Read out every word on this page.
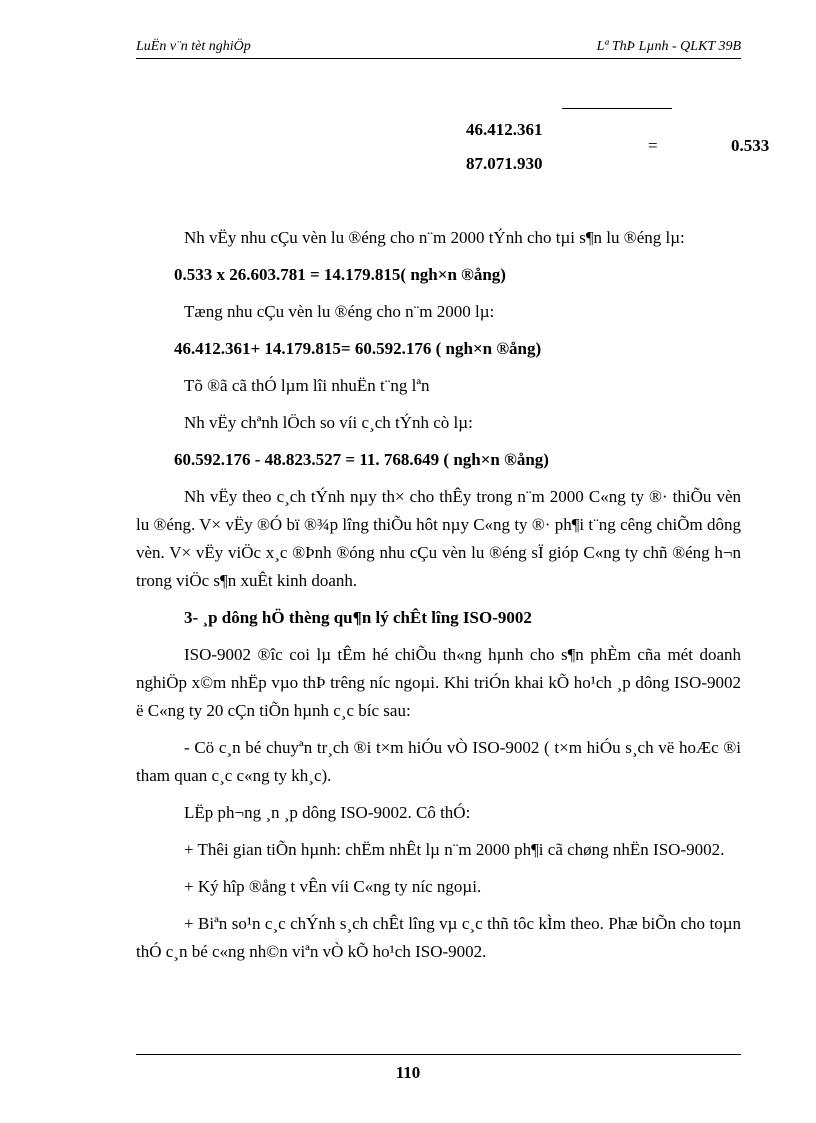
LuËn v¨n tèt nghiÖp	Lª ThÞ Lµnh - QLKT 39B
46.412.361
87.071.930
=	0.533

Nh vËy nhu cÇu vèn lu ®éng cho n¨m 2000 tÝnh cho tµi s¶n lu ®éng lµ:

0.533 x 26.603.781 = 14.179.815( ngh×n ®ång)

Tæng nhu cÇu vèn lu ®éng cho n¨m 2000 lµ:

46.412.361+ 14.179.815= 60.592.176 ( ngh×n ®ång)

Tõ ®ã cã thÓ lµm lîi nhuËn t¨ng lªn

Nh vËy chªnh lÖch so víi c¸ch tÝnh cò lµ:

60.592.176 - 48.823.527 = 11. 768.649 ( ngh×n ®ång)

Nh vËy theo c¸ch tÝnh nµy th× cho thÊy trong n¨m 2000 C«ng ty ®· thiÕu vèn lu ®éng. V× vËy ®Ó bï ®¾p lîng thiÕu hôt nµy C«ng ty ®· ph¶i t¨ng cêng chiÕm dông vèn. V× vËy viÖc x¸c ®Þnh ®óng nhu cÇu vèn lu ®éng sÏ gióp C«ng ty chñ ®éng h¬n trong viÖc s¶n xuÊt kinh doanh.

3- ¸p dông hÖ thèng qu¶n lý chÊt lîng ISO-9002

ISO-9002 ®îc coi lµ tÊm hé chiÕu th«ng hµnh cho s¶n phÈm cña mét doanh nghiÖp x©m nhËp vµo thÞ trêng níc ngoµi. Khi triÓn khai kÕ ho¹ch ¸p dông ISO-9002 ë C«ng ty 20 cÇn tiÕn hµnh c¸c bíc sau:

- Cö c¸n bé chuyªn tr¸ch ®i t×m hiÓu vÒ ISO-9002 ( t×m hiÓu s¸ch vë hoÆc ®i tham quan c¸c c«ng ty kh¸c).

LËp ph¬ng ¸n ¸p dông ISO-9002. Cô thÓ:

+ Thêi gian tiÕn hµnh: chËm nhÊt lµ n¨m 2000 ph¶i cã chøng nhËn ISO-9002.

+ Ký hîp ®ång t vÊn víi C«ng ty níc ngoµi.

+ Biªn so¹n c¸c chÝnh s¸ch chÊt lîng vµ c¸c thñ tôc kÌm theo. Phæ biÕn cho toµn thÓ c¸n bé c«ng nh©n viªn vÒ kÕ ho¹ch ISO-9002.

110
